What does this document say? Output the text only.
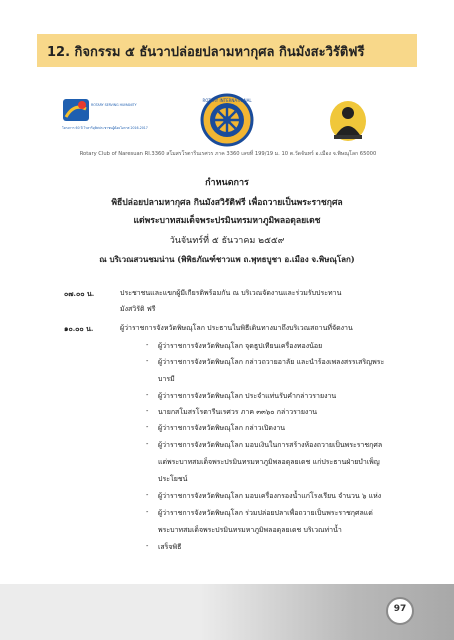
12. กิจกรรม ๕ ธันวาปล่อยปลามหากุศล กินมังสะวิรัติฟรี
ROTARY SERVING HUMANITY
โครงการ 60 ปี โรตารีอุทิศประชาชนผู้ด้อยโอกาส 2016-2017
ROTARY INTERNATIONAL
Rotary Club of Naresuan RI.3360 สโมสรโรตารีนเรศวร ภาค 3360 เลขที่ 199/19 ม. 10 ต.วัดจันทร์ อ.เมือง จ.พิษณุโลก 65000
กำหนดการ
พิธีปล่อยปลามหากุศล กินมังสวิรัติฟรี เพื่อถวายเป็นพระราชกุศล
แด่พระบาทสมเด็จพระปรมินทรมหาภูมิพลอดุลยเดช
วันจันทร์ที่ ๕ ธันวาคม ๒๕๕๙
ณ บริเวณสวนชมน่าน (พิพิธภัณฑ์ชาวแพ ถ.พุทธบูชา อ.เมือง จ.พิษณุโลก)
๐๗.๐๐ น.	ประชาชนและแขกผู้มีเกียรติพร้อมกัน ณ บริเวณจัดงานและร่วมรับประทาน
มังสวิรัติ ฟรี
๑๐.๐๐ น.	ผู้ว่าราชการจังหวัดพิษณุโลก ประธานในพิธีเดินทางมาถึงบริเวณสถานที่จัดงาน
- ผู้ว่าราชการจังหวัดพิษณุโลก จุดธูปเทียนเครื่องทองน้อย
- ผู้ว่าราชการจังหวัดพิษณุโลก กล่าวถวายอาลัย และนำร้องเพลงสรรเสริญพระ
บารมี
- ผู้ว่าราชการจังหวัดพิษณุโลก ประจำแท่นรับคำกล่าวรายงาน
- นายกสโมสรโรตารีนเรศวร ภาค ๓๓๖๐ กล่าวรายงาน
- ผู้ว่าราชการจังหวัดพิษณุโลก กล่าวเปิดงาน
- ผู้ว่าราชการจังหวัดพิษณุโลก มอบเงินในการสร้างห้องถวายเป็นพระราชกุศล
แด่พระบาทสมเด็จพระปรมินทรมหาภูมิพลอดุลยเดช แก่ประธานฝ่ายบำเพ็ญ
ประโยชน์
- ผู้ว่าราชการจังหวัดพิษณุโลก มอบเครื่องกรองน้ำแก่โรงเรียน จำนวน ๖ แห่ง
- ผู้ว่าราชการจังหวัดพิษณุโลก ร่วมปล่อยปลาเพื่อถวายเป็นพระราชกุศลแด่
พระบาทสมเด็จพระปรมินทรมหาภูมิพลอดุลยเดช บริเวณท่าน้ำ
- เสร็จพิธี
พิธีสถาปนาคณะกรรมการบริหาร
สโมสรโรตารี
97
